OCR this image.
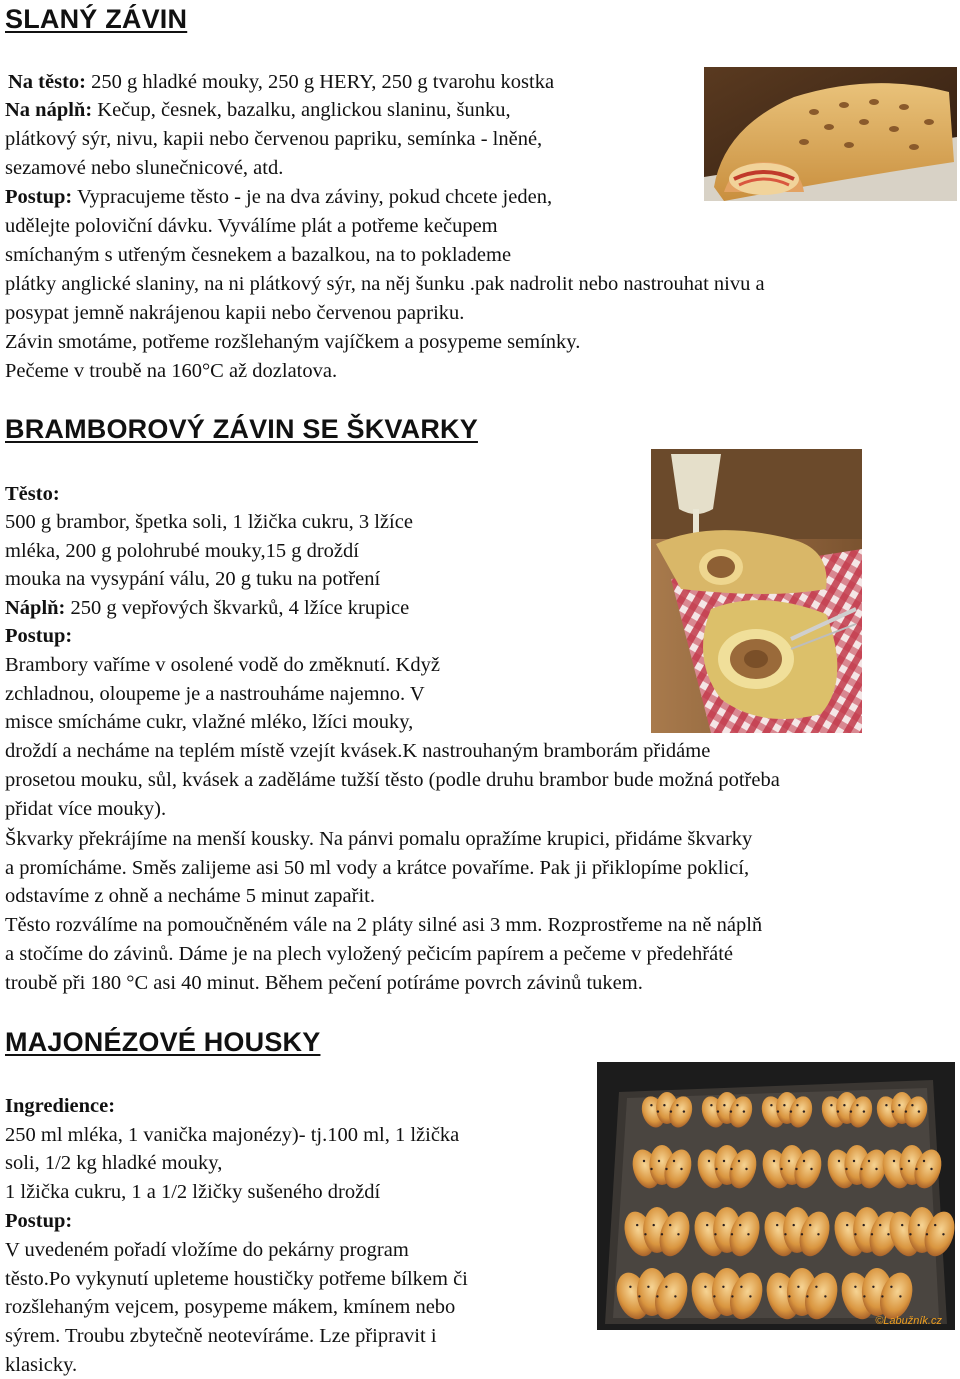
SLANÝ ZÁVIN
Na těsto: 250 g hladké mouky, 250 g HERY, 250 g tvarohu kostka
Na náplň: Kečup, česnek, bazalku, anglickou slaninu, šunku,
plátkový sýr, nivu, kapii nebo červenou papriku, semínka - lněné,
sezamové nebo slunečnicové, atd.
Postup: Vypracujeme těsto - je na dva záviny, pokud chcete jeden,
udělejte poloviční dávku. Vyválíme plát a potřeme kečupem
smíchaným s utřeným česnekem a bazalkou, na to poklademe
plátky anglické slaniny, na ni plátkový sýr, na něj šunku .pak nadrolit nebo nastrouhat nivu a
posypat jemně nakrájenou kapii nebo červenou papriku.
Závin smotáme, potřeme rozšlehaným vajíčkem a posypeme semínky.
Pečeme v troubě na 160°C až dozlatova.
BRAMBOROVÝ ZÁVIN SE ŠKVARKY
Těsto:
500 g brambor, špetka soli, 1 lžička cukru, 3 lžíce
mléka, 200 g polohrubé mouky,15 g droždí
mouka na vysypání válu, 20 g tuku na potření
Náplň: 250 g vepřových škvarků, 4 lžíce krupice
Postup:
Brambory vaříme v osolené vodě do změknutí. Když
zchladnou, oloupeme je a nastrouháme najemno. V
misce smícháme cukr, vlažné mléko, lžíci mouky,
droždí a necháme na teplém místě vzejít kvásek.K nastrouhaným bramborám přidáme
prosetou mouku, sůl, kvásek a zaděláme tužší těsto (podle druhu brambor bude možná potřeba
přidat více mouky).
Škvarky překrájíme na menší kousky. Na pánvi pomalu opražíme krupici, přidáme škvarky
a promícháme. Směs zalijeme asi 50 ml vody a krátce povaříme. Pak ji přiklopíme poklicí,
odstavíme z ohně a necháme 5 minut zapařit.
Těsto rozválíme na pomoučněném vále na 2 pláty silné asi 3 mm. Rozprostřeme na ně náplň
a stočíme do závinů. Dáme je na plech vyložený pečicím papírem a pečeme v předehřáté
troubě při 180 °C asi 40 minut. Během pečení potíráme povrch závinů tukem.
MAJONÉZOVÉ HOUSKY
Ingredience:
250 ml mléka, 1 vanička majonézy)- tj.100 ml, 1 lžička
soli, 1/2 kg hladké mouky,
1 lžička cukru, 1 a 1/2 lžičky sušeného droždí
Postup:
V uvedeném pořadí vložíme do pekárny program
těsto.Po vykynutí upleteme houstičky potřeme bílkem či
rozšlehaným vejcem, posypeme mákem, kmínem nebo
sýrem. Troubu zbytečně neotevíráme. Lze připravit i
klasicky.
©Labužník.cz
